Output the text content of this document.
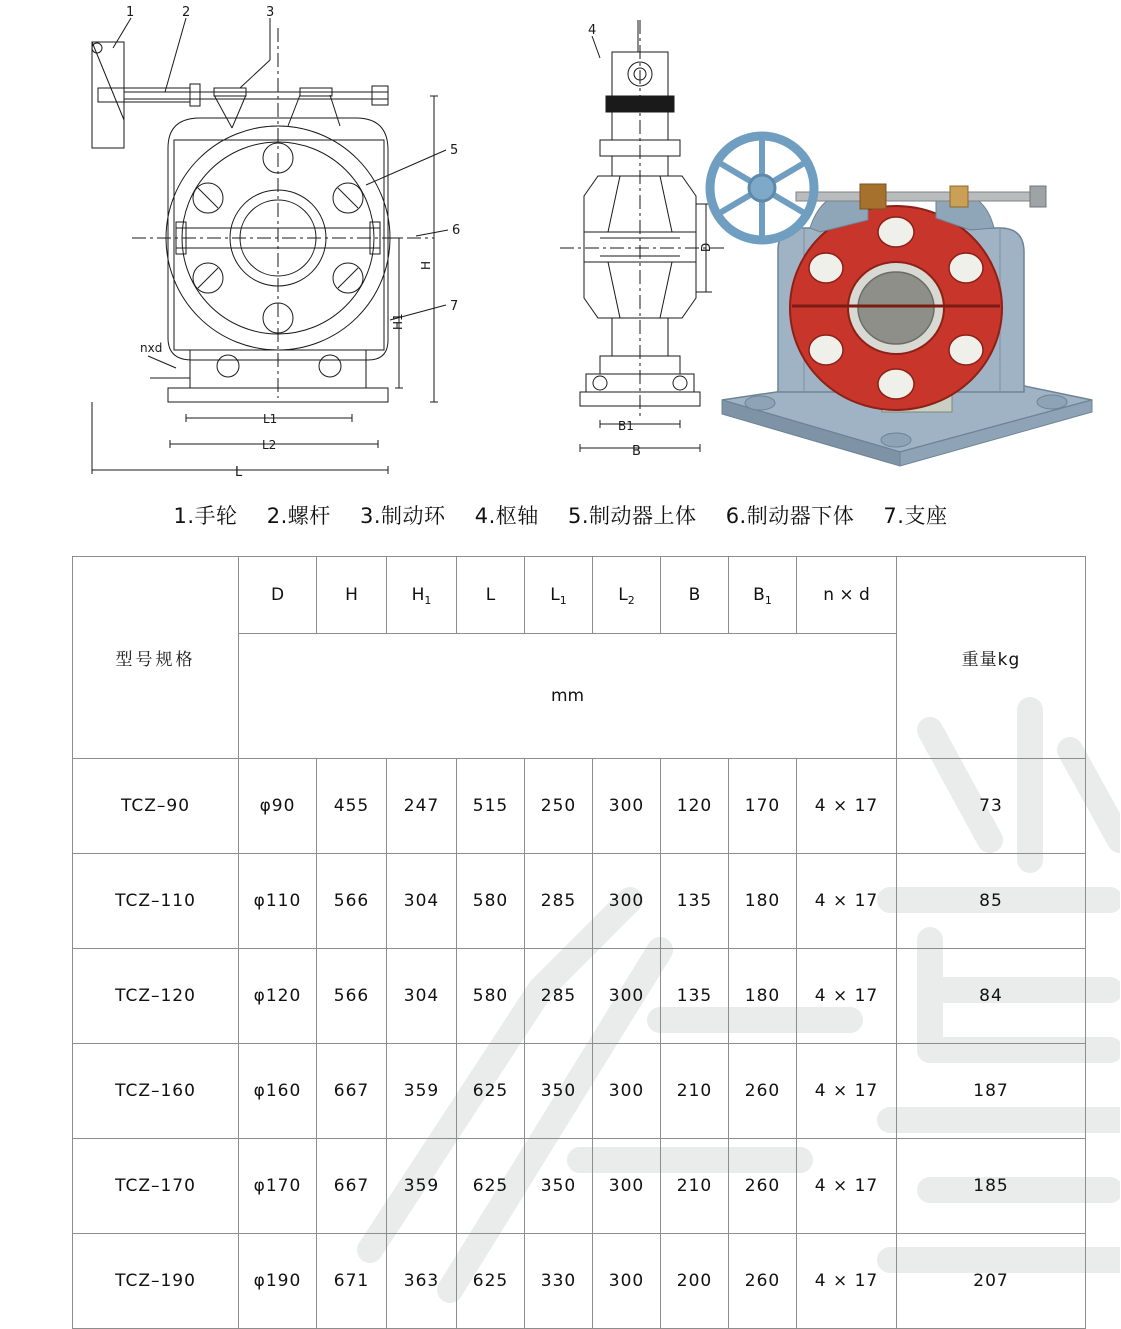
1	2	3
4
5
6
7
nxd
L1
L2
L
B1
B
H1
H
D
1.手轮 2.螺杆 3.制动环 4.枢轴 5.制动器上体 6.制动器下体 7.支座
型号规格	D	H	$H_1$	L	$L_1$	$L_2$	B	$B_1$	n × d	重量kg
	mm									
TCZ–90	φ90	455	247	515	250	300	120	170	4 × 17	73
TCZ–110	φ110	566	304	580	285	300	135	180	4 × 17	85
TCZ–120	φ120	566	304	580	285	300	135	180	4 × 17	84
TCZ–160	φ160	667	359	625	350	300	210	260	4 × 17	187
TCZ–170	φ170	667	359	625	350	300	210	260	4 × 17	185
TCZ–190	φ190	671	363	625	330	300	200	260	4 × 17	207
